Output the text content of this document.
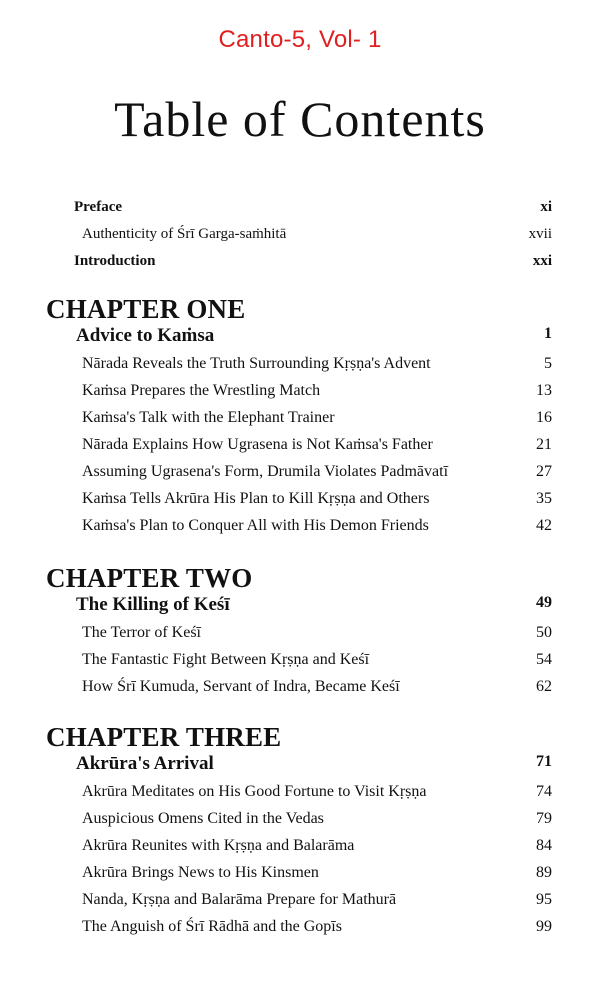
Canto-5, Vol- 1
Table of Contents
Preface	xi
Authenticity of Śrī Garga-saṁhitā	xvii
Introduction	xxi
CHAPTER ONE
Advice to Kaṁsa	1
Nārada Reveals the Truth Surrounding Kṛṣṇa's Advent	5
Kaṁsa Prepares the Wrestling Match	13
Kaṁsa's Talk with the Elephant Trainer	16
Nārada Explains How Ugrasena is Not Kaṁsa's Father	21
Assuming Ugrasena's Form, Drumila Violates Padmāvatī	27
Kaṁsa Tells Akrūra His Plan to Kill Kṛṣṇa and Others	35
Kaṁsa's Plan to Conquer All with His Demon Friends	42
CHAPTER TWO
The Killing of Keśī	49
The Terror of Keśī	50
The Fantastic Fight Between Kṛṣṇa and Keśī	54
How Śrī Kumuda, Servant of Indra, Became Keśī	62
CHAPTER THREE
Akrūra's Arrival	71
Akrūra Meditates on His Good Fortune to Visit Kṛṣṇa	74
Auspicious Omens Cited in the Vedas	79
Akrūra Reunites with Kṛṣṇa and Balarāma	84
Akrūra Brings News to His Kinsmen	89
Nanda, Kṛṣṇa and Balarāma Prepare for Mathurā	95
The Anguish of Śrī Rādhā and the Gopīs	99
